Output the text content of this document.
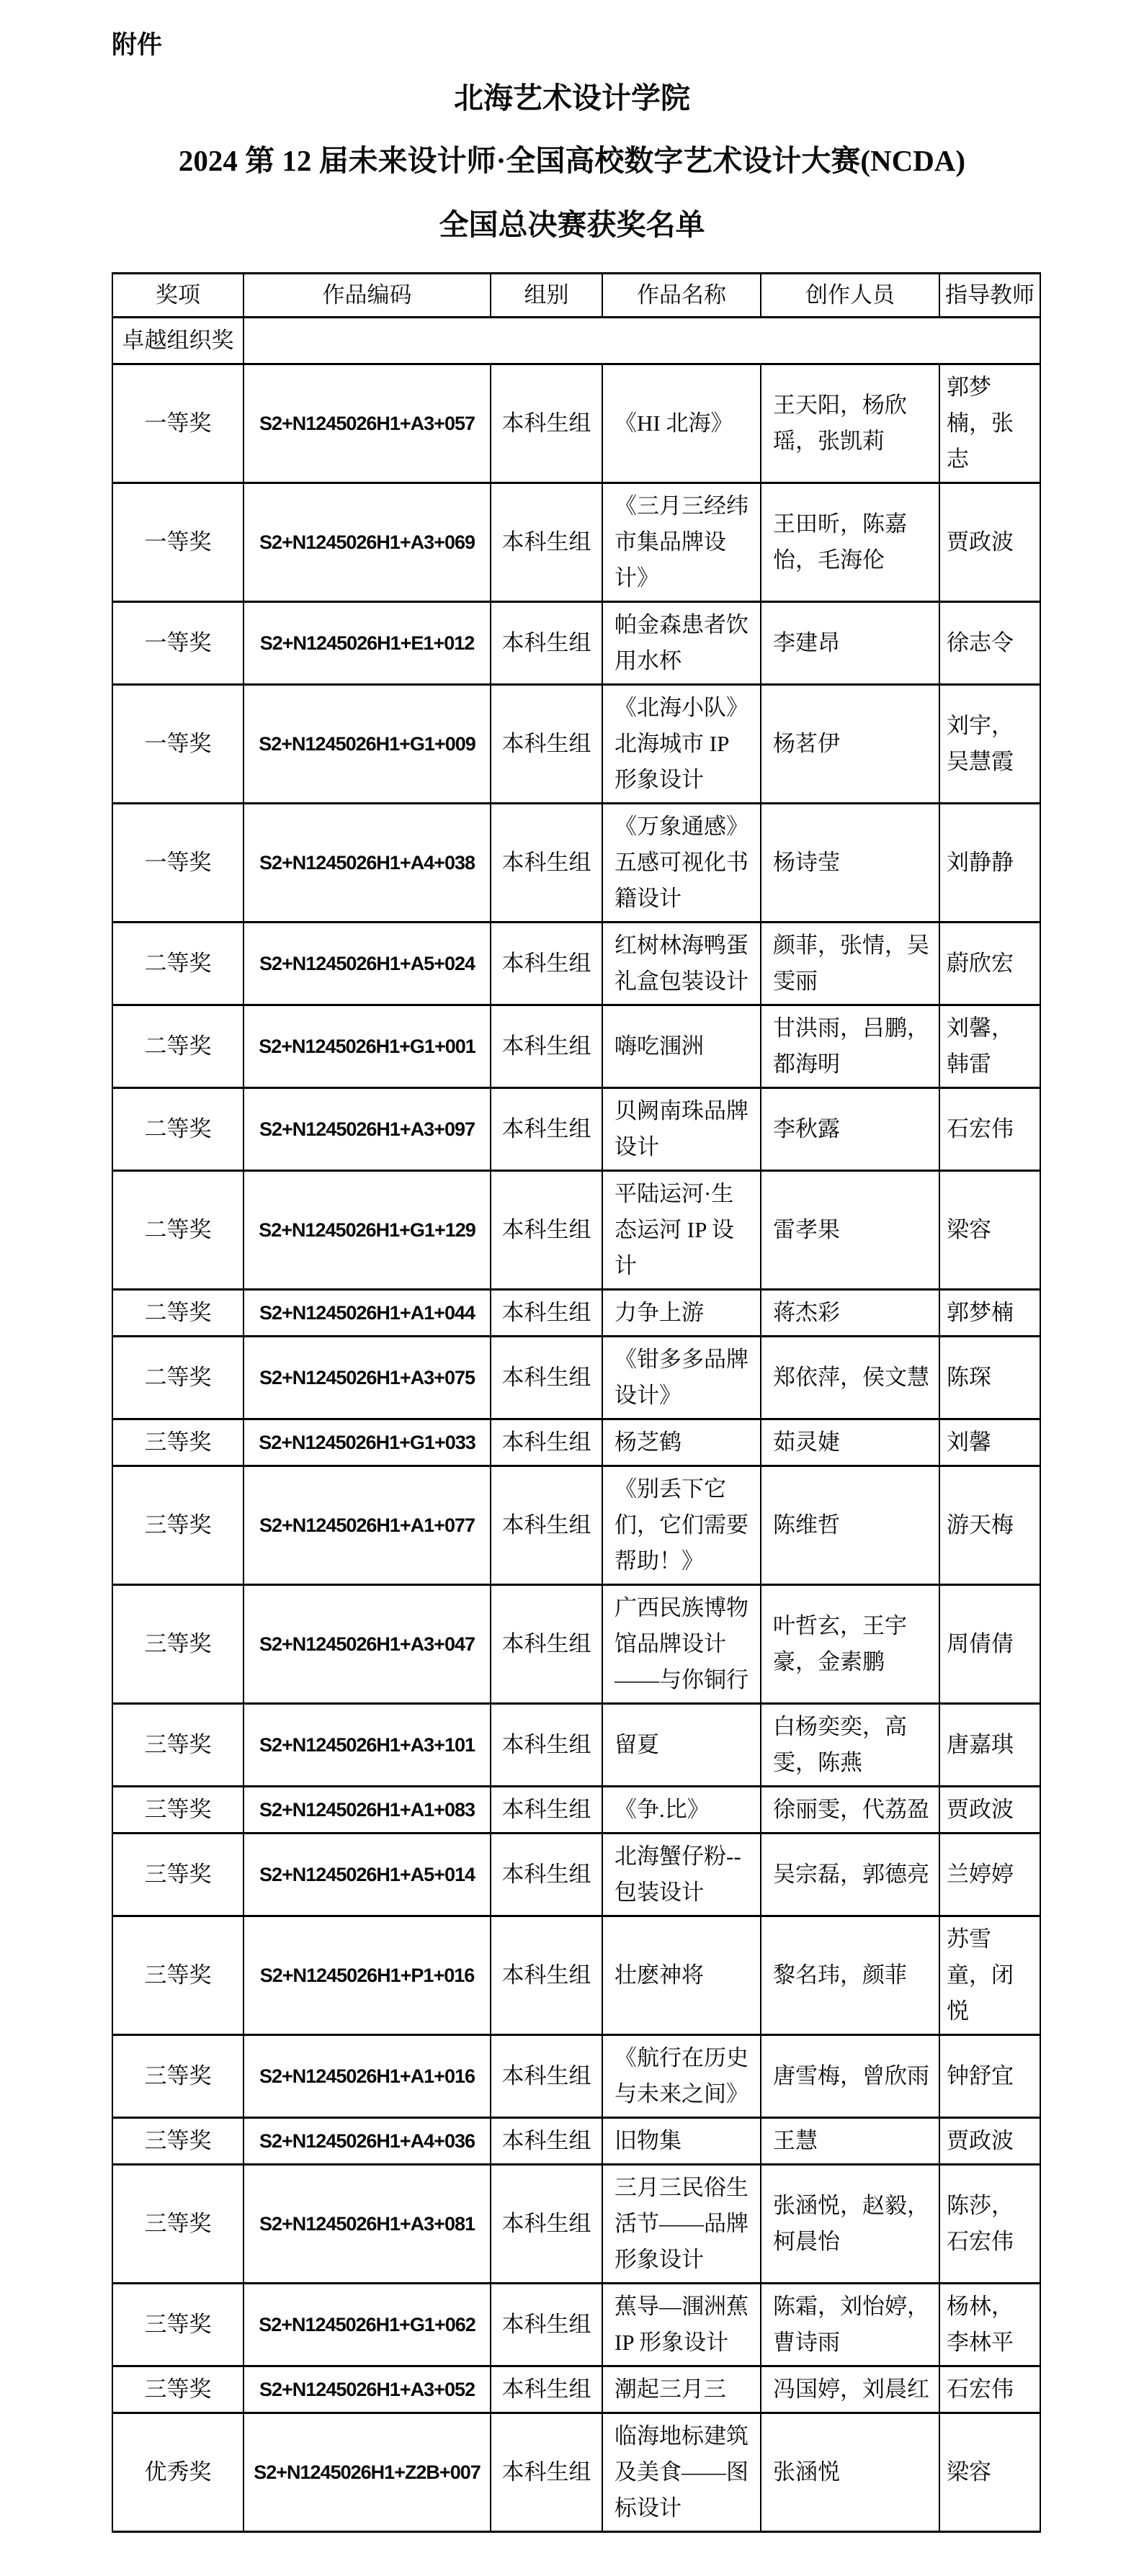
附件
北海艺术设计学院
2024 第 12 届未来设计师·全国高校数字艺术设计大赛(NCDA)
全国总决赛获奖名单
奖项	作品编码	组别	作品名称	创作人员	指导教师
卓越组织奖					
一等奖	S2+N1245026H1+A3+057	本科生组	《HI 北海》	王天阳，杨欣瑶，张凯莉	郭梦楠，张志
一等奖	S2+N1245026H1+A3+069	本科生组	《三月三经纬市集品牌设计》	王田昕，陈嘉怡，毛海伦	贾政波
一等奖	S2+N1245026H1+E1+012	本科生组	帕金森患者饮用水杯	李建昂	徐志令
一等奖	S2+N1245026H1+G1+009	本科生组	《北海小队》北海城市 IP 形象设计	杨茗伊	刘宇，吴慧霞
一等奖	S2+N1245026H1+A4+038	本科生组	《万象通感》五感可视化书籍设计	杨诗莹	刘静静
二等奖	S2+N1245026H1+A5+024	本科生组	红树林海鸭蛋礼盒包装设计	颜菲，张情，吴雯丽	蔚欣宏
二等奖	S2+N1245026H1+G1+001	本科生组	嗨吃涠洲	甘洪雨，吕鹏，都海明	刘馨，韩雷
二等奖	S2+N1245026H1+A3+097	本科生组	贝阙南珠品牌设计	李秋露	石宏伟
二等奖	S2+N1245026H1+G1+129	本科生组	平陆运河·生态运河 IP 设计	雷孝果	梁容
二等奖	S2+N1245026H1+A1+044	本科生组	力争上游	蒋杰彩	郭梦楠
二等奖	S2+N1245026H1+A3+075	本科生组	《钳多多品牌设计》	郑依萍，侯文慧	陈琛
三等奖	S2+N1245026H1+G1+033	本科生组	杨芝鹤	茹灵婕	刘馨
三等奖	S2+N1245026H1+A1+077	本科生组	《别丢下它们，它们需要帮助！》	陈维哲	游天梅
三等奖	S2+N1245026H1+A3+047	本科生组	广西民族博物馆品牌设计——与你铜行	叶哲玄，王宇豪，金素鹏	周倩倩
三等奖	S2+N1245026H1+A3+101	本科生组	留夏	白杨奕奕，高雯，陈燕	唐嘉琪
三等奖	S2+N1245026H1+A1+083	本科生组	《争.比》	徐丽雯，代荔盈	贾政波
三等奖	S2+N1245026H1+A5+014	本科生组	北海蟹仔粉--包装设计	吴宗磊，郭德亮	兰婷婷
三等奖	S2+N1245026H1+P1+016	本科生组	壮麽神将	黎名玮，颜菲	苏雪童，闭悦
三等奖	S2+N1245026H1+A1+016	本科生组	《航行在历史与未来之间》	唐雪梅，曾欣雨	钟舒宜
三等奖	S2+N1245026H1+A4+036	本科生组	旧物集	王慧	贾政波
三等奖	S2+N1245026H1+A3+081	本科生组	三月三民俗生活节——品牌形象设计	张涵悦，赵毅，柯晨怡	陈莎，石宏伟
三等奖	S2+N1245026H1+G1+062	本科生组	蕉导—涠洲蕉 IP 形象设计	陈霜，刘怡婷，曹诗雨	杨林，李林平
三等奖	S2+N1245026H1+A3+052	本科生组	潮起三月三	冯国婷，刘晨红	石宏伟
优秀奖	S2+N1245026H1+Z2B+007	本科生组	临海地标建筑及美食——图标设计	张涵悦	梁容
